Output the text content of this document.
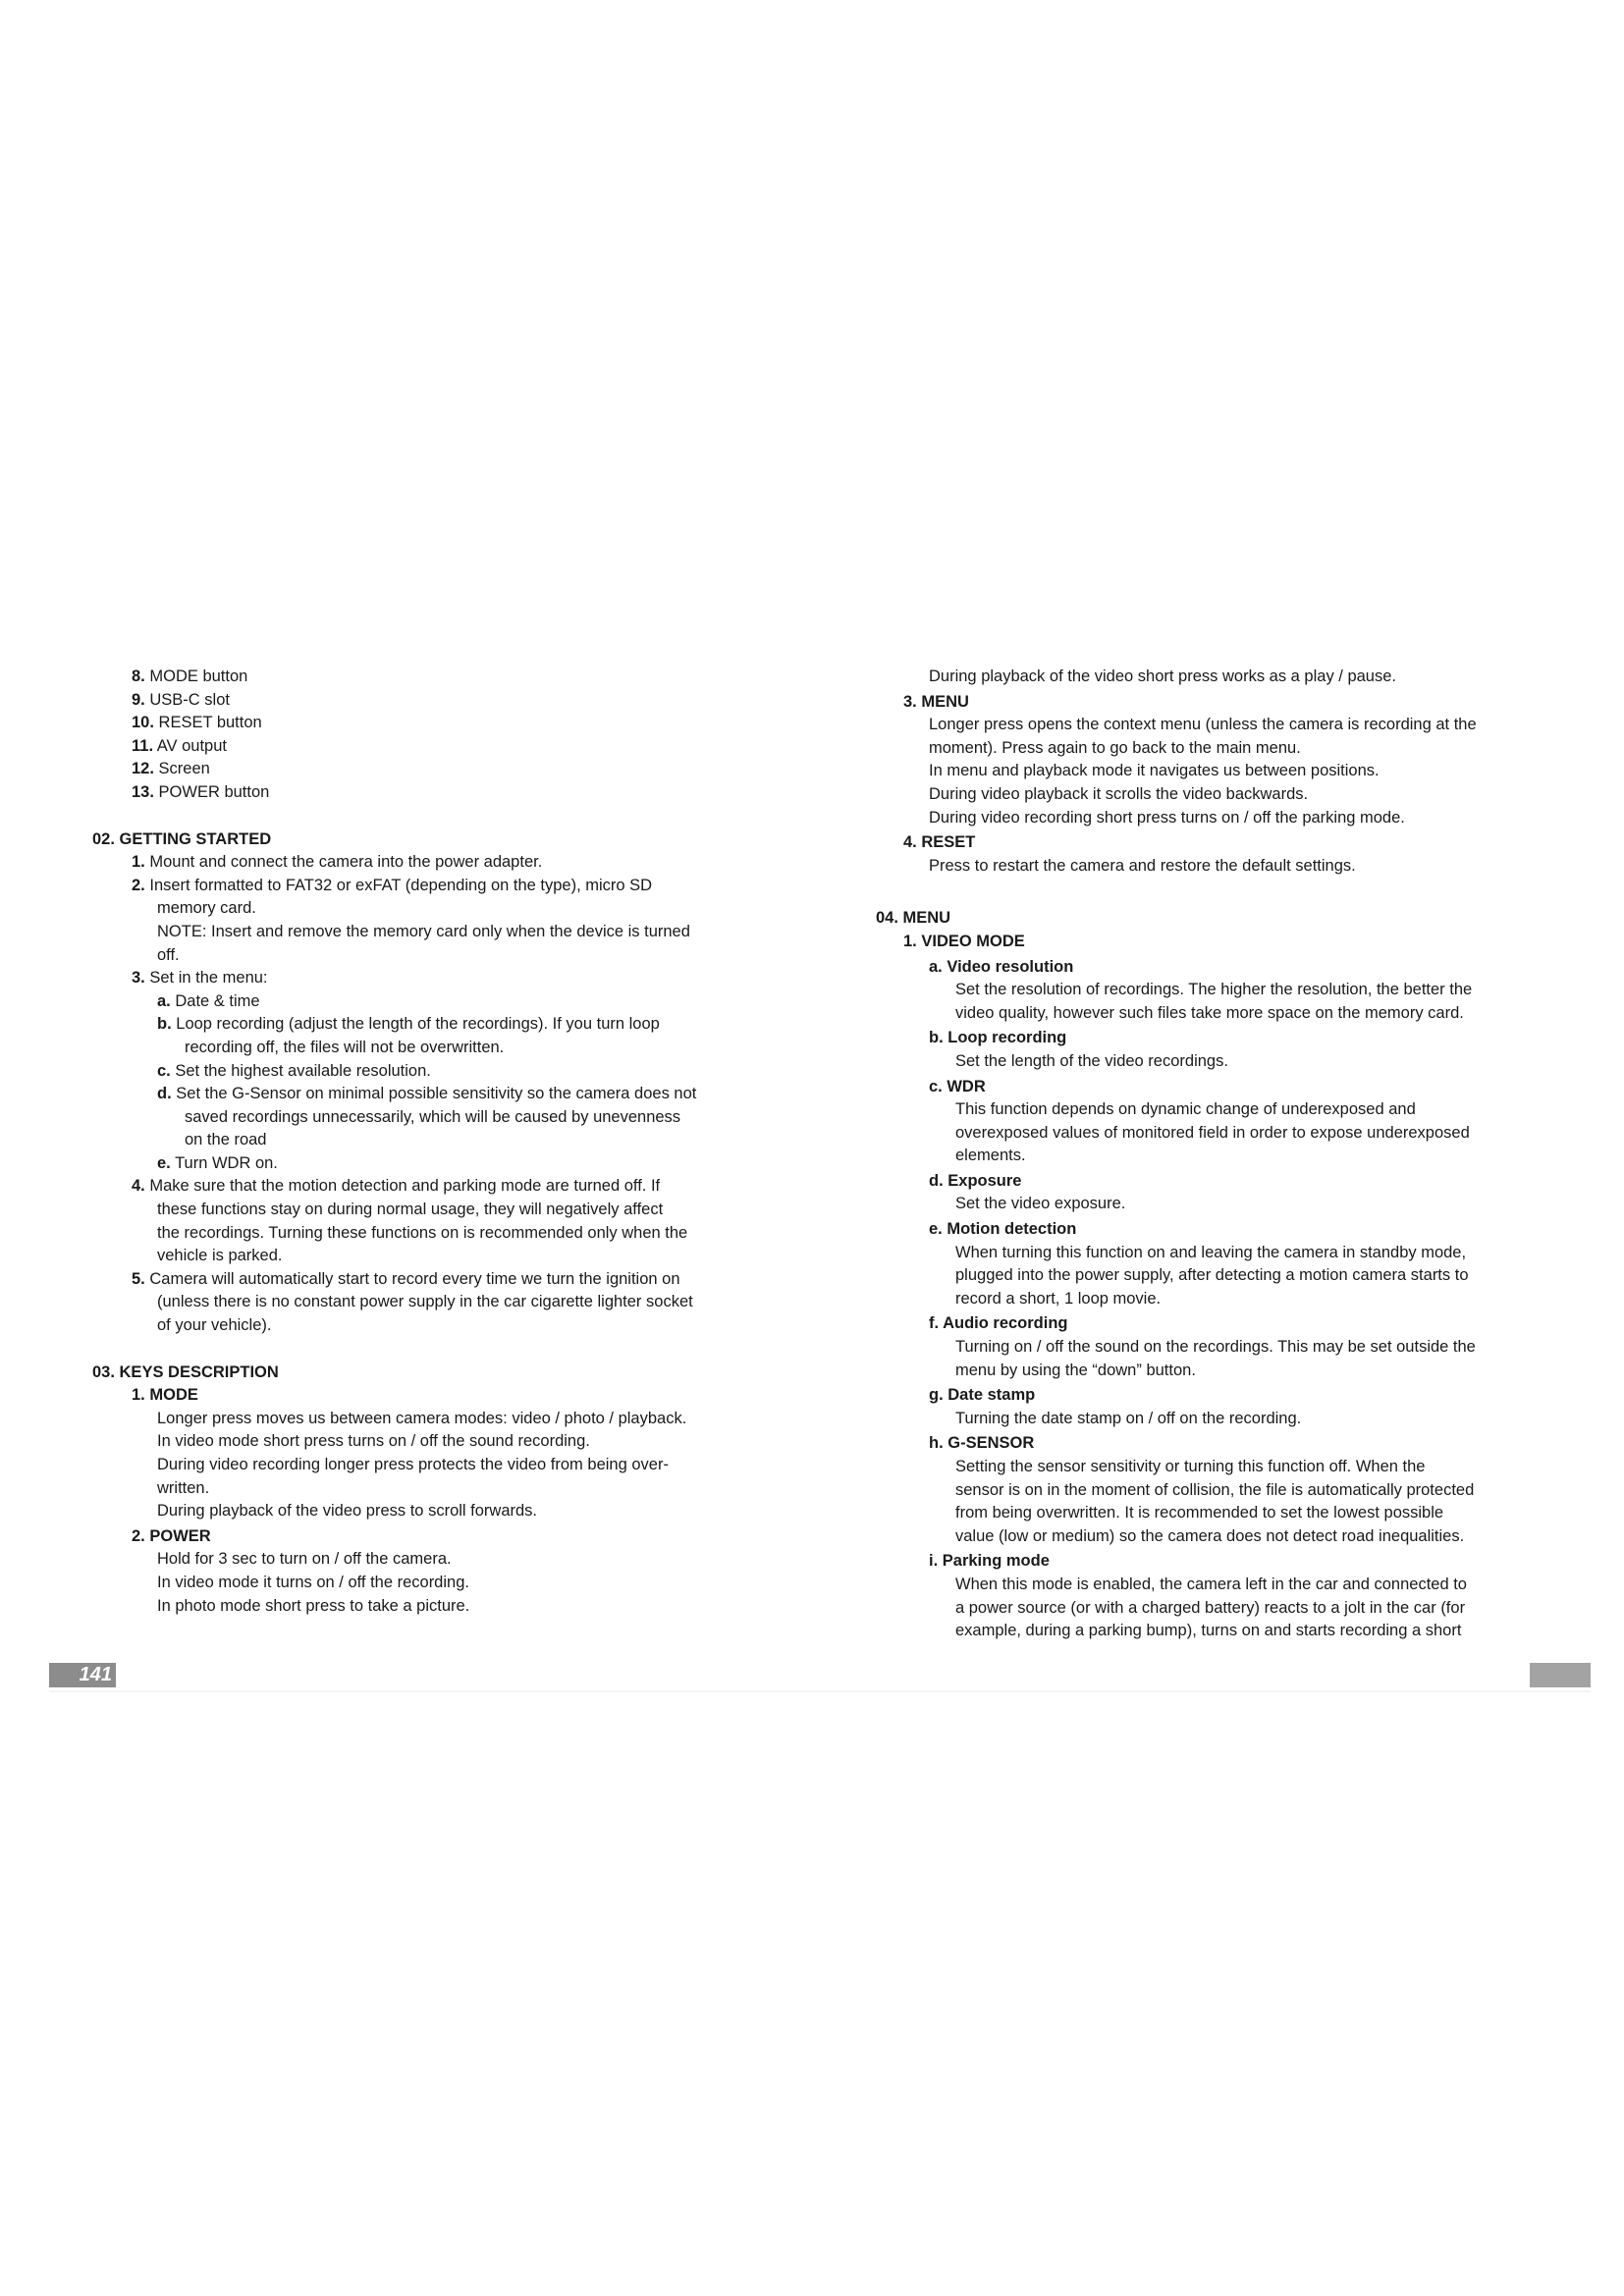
8. MODE button
9. USB-C slot
10. RESET button
11. AV output
12. Screen
13. POWER button
02. GETTING STARTED
1. Mount and connect the camera into the power adapter.
2. Insert formatted to FAT32 or exFAT (depending on the type), micro SD
memory card.
NOTE: Insert and remove the memory card only when the device is turned
off.
3. Set in the menu:
a. Date & time
b. Loop recording (adjust the length of the recordings). If you turn loop
recording off, the files will not be overwritten.
c. Set the highest available resolution.
d. Set the G-Sensor on minimal possible sensitivity so the camera does not
saved recordings unnecessarily, which will be caused by unevenness
on the road
e. Turn WDR on.
4. Make sure that the motion detection and parking mode are turned off. If
these functions stay on during normal usage, they will negatively affect
the recordings. Turning these functions on is recommended only when the
vehicle is parked.
5. Camera will automatically start to record every time we turn the ignition on
(unless there is no constant power supply in the car cigarette lighter socket
of your vehicle).
03. KEYS DESCRIPTION
1. MODE
Longer press moves us between camera modes: video / photo / playback.
In video mode short press turns on / off the sound recording.
During video recording longer press protects the video from being over-
written.
During playback of the video press to scroll forwards.
2. POWER
Hold for 3 sec to turn on / off the camera.
In video mode it turns on / off the recording.
In photo mode short press to take a picture.
During playback of the video short press works as a play / pause.
3. MENU
Longer press opens the context menu (unless the camera is recording at the
moment). Press again to go back to the main menu.
In menu and playback mode it navigates us between positions.
During video playback it scrolls the video backwards.
During video recording short press turns on / off the parking mode.
4. RESET
Press to restart the camera and restore the default settings.
04. MENU
1. VIDEO MODE
a. Video resolution
Set the resolution of recordings. The higher the resolution, the better the
video quality, however such files take more space on the memory card.
b. Loop recording
Set the length of the video recordings.
c. WDR
This function depends on dynamic change of underexposed and
overexposed values of monitored field in order to expose underexposed
elements.
d. Exposure
Set the video exposure.
e. Motion detection
When turning this function on and leaving the camera in standby mode,
plugged into the power supply, after detecting a motion camera starts to
record a short, 1 loop movie.
f. Audio recording
Turning on / off the sound on the recordings. This may be set outside the
menu by using the “down” button.
g. Date stamp
Turning the date stamp on / off on the recording.
h. G-SENSOR
Setting the sensor sensitivity or turning this function off. When the
sensor is on in the moment of collision, the file is automatically protected
from being overwritten. It is recommended to set the lowest possible
value (low or medium) so the camera does not detect road inequalities.
i. Parking mode
When this mode is enabled, the camera left in the car and connected to
a power source (or with a charged battery) reacts to a jolt in the car (for
example, during a parking bump), turns on and starts recording a short
141
